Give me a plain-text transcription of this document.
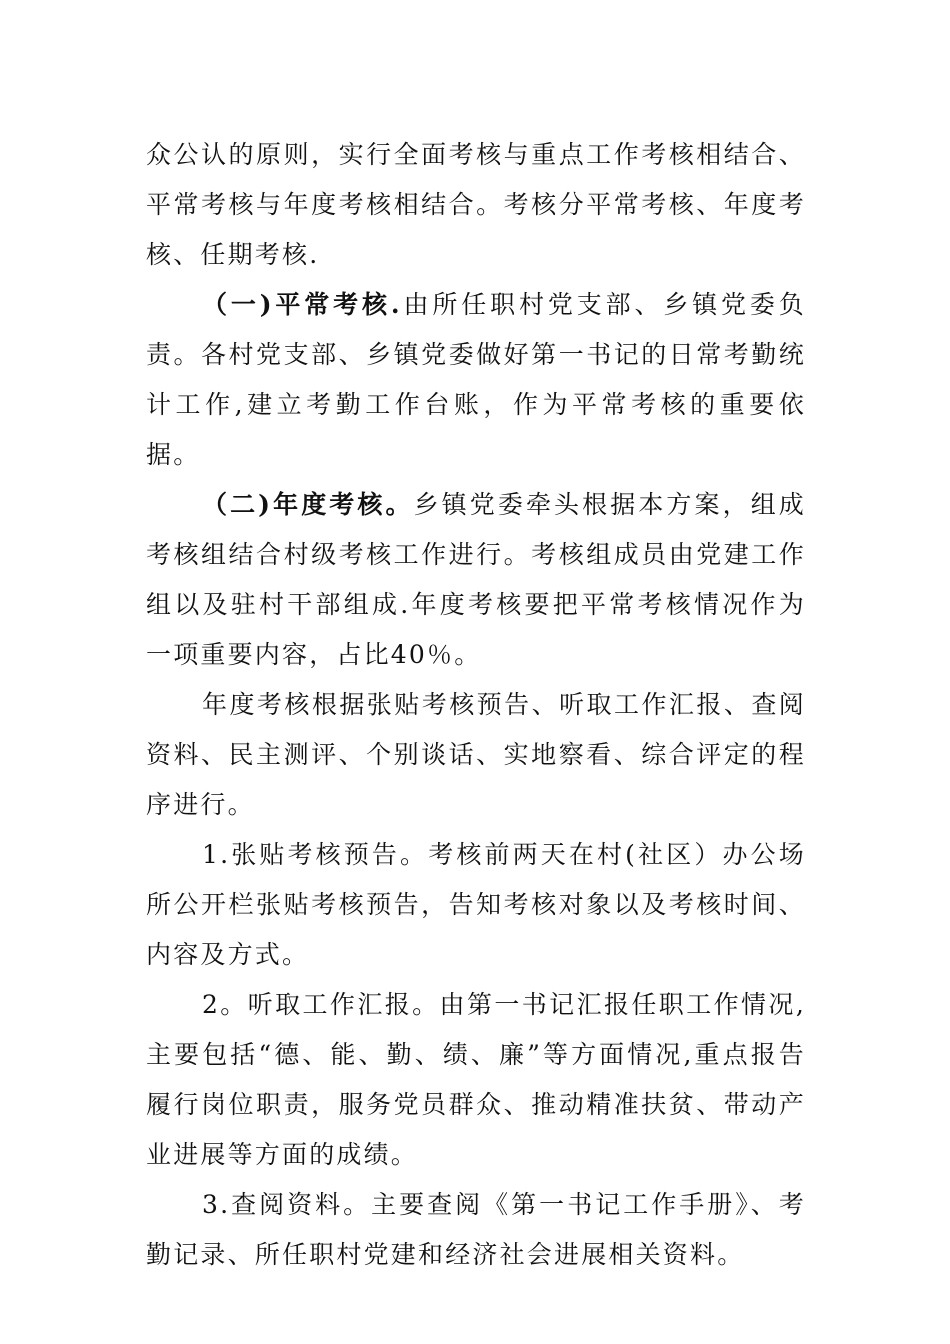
众公认的原则，实行全面考核与重点工作考核相结合、平常考核与年度考核相结合。考核分平常考核、年度考核、任期考核.

（一)平常考核.由所任职村党支部、乡镇党委负责。各村党支部、乡镇党委做好第一书记的日常考勤统计工作,建立考勤工作台账，作为平常考核的重要依据。

（二)年度考核。乡镇党委牵头根据本方案，组成考核组结合村级考核工作进行。考核组成员由党建工作组以及驻村干部组成.年度考核要把平常考核情况作为一项重要内容，占比40％。

年度考核根据张贴考核预告、听取工作汇报、查阅资料、民主测评、个别谈话、实地察看、综合评定的程序进行。

1.张贴考核预告。考核前两天在村(社区）办公场所公开栏张贴考核预告，告知考核对象以及考核时间、内容及方式。

2。听取工作汇报。由第一书记汇报任职工作情况,主要包括“德、能、勤、绩、廉”等方面情况,重点报告履行岗位职责，服务党员群众、推动精准扶贫、带动产业进展等方面的成绩。

3.查阅资料。主要查阅《第一书记工作手册》、考勤记录、所任职村党建和经济社会进展相关资料。
